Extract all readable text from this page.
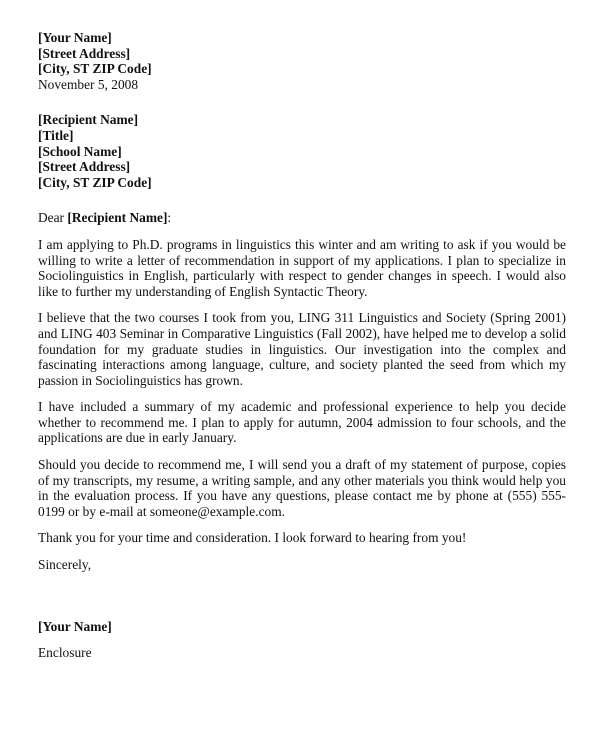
[Your Name]
[Street Address]
[City, ST ZIP Code]
November 5, 2008
[Recipient Name]
[Title]
[School Name]
[Street Address]
[City, ST ZIP Code]
Dear [Recipient Name]:

I am applying to Ph.D. programs in linguistics this winter and am writing to ask if you would be willing to write a letter of recommendation in support of my applications. I plan to specialize in Sociolinguistics in English, particularly with respect to gender changes in speech. I would also like to further my understanding of English Syntactic Theory.

I believe that the two courses I took from you, LING 311 Linguistics and Society (Spring 2001) and LING 403 Seminar in Comparative Linguistics (Fall 2002), have helped me to develop a solid foundation for my graduate studies in linguistics. Our investigation into the complex and fascinating interactions among language, culture, and society planted the seed from which my passion in Sociolinguistics has grown.

I have included a summary of my academic and professional experience to help you decide whether to recommend me. I plan to apply for autumn, 2004 admission to four schools, and the applications are due in early January.

Should you decide to recommend me, I will send you a draft of my statement of purpose, copies of my transcripts, my resume, a writing sample, and any other materials you think would help you in the evaluation process. If you have any questions, please contact me by phone at (555) 555-0199 or by e-mail at someone@example.com.

Thank you for your time and consideration. I look forward to hearing from you!

Sincerely,

[Your Name]
Enclosure
